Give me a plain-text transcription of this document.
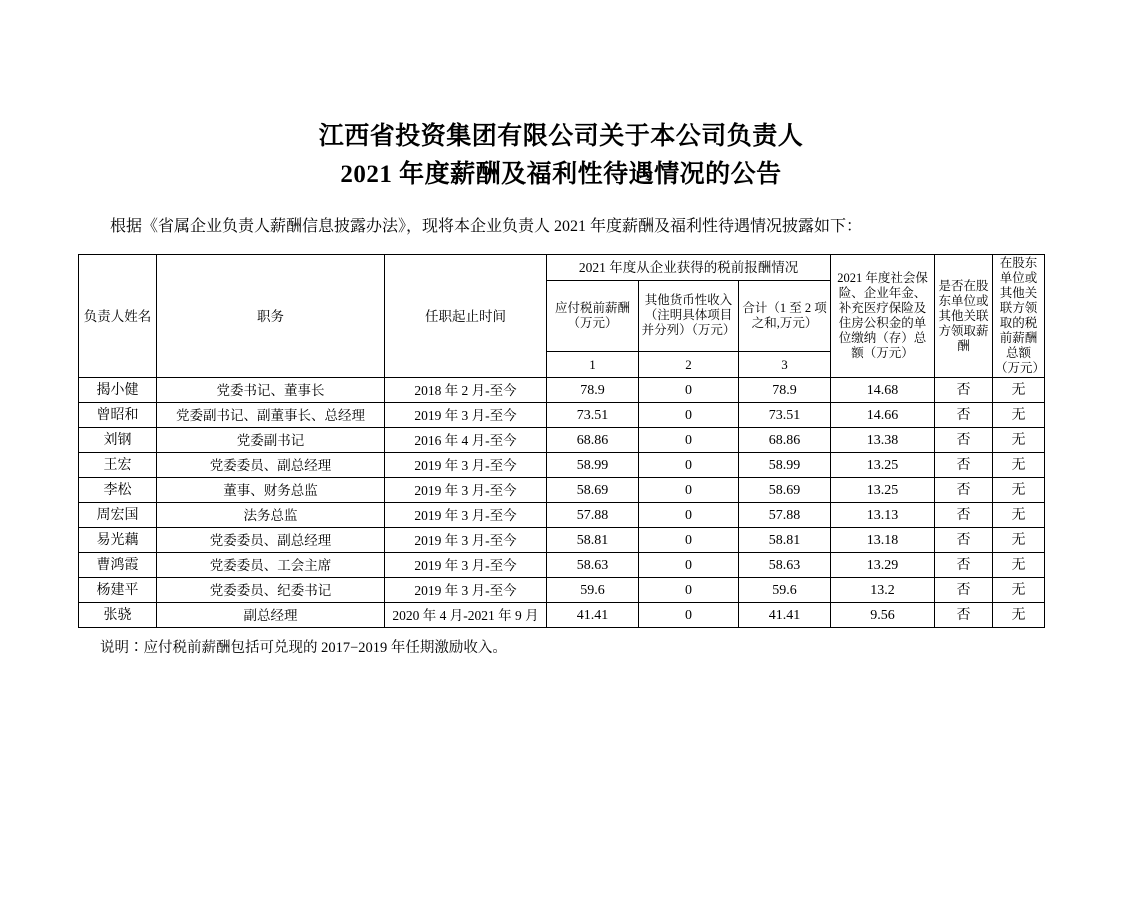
江西省投资集团有限公司关于本公司负责人
2021 年度薪酬及福利性待遇情况的公告
根据《省属企业负责人薪酬信息披露办法》，现将本企业负责人 2021 年度薪酬及福利性待遇情况披露如下：
负责人姓名	职务	任职起止时间	2021 年度从企业获得的税前报酬情况			2021 年度社会保险、企业年金、补充医疗保险及住房公积金的单位缴纳（存）总额（万元）	是否在股东单位或其他关联方领取薪酬	在股东单位或其他关联方领取的税前薪酬总额（万元）
			应付税前薪酬（万元）	其他货币性收入（注明具体项目并分列）（万元）	合计（1 至 2 项之和,万元）			
			1	2	3			
揭小健	党委书记、董事长	2018 年 2 月-至今	78.9	0	78.9	14.68	否	无
曾昭和	党委副书记、副董事长、总经理	2019 年 3 月-至今	73.51	0	73.51	14.66	否	无
刘钢	党委副书记	2016 年 4 月-至今	68.86	0	68.86	13.38	否	无
王宏	党委委员、副总经理	2019 年 3 月-至今	58.99	0	58.99	13.25	否	无
李松	董事、财务总监	2019 年 3 月-至今	58.69	0	58.69	13.25	否	无
周宏国	法务总监	2019 年 3 月-至今	57.88	0	57.88	13.13	否	无
易光藕	党委委员、副总经理	2019 年 3 月-至今	58.81	0	58.81	13.18	否	无
曹鸿霞	党委委员、工会主席	2019 年 3 月-至今	58.63	0	58.63	13.29	否	无
杨建平	党委委员、纪委书记	2019 年 3 月-至今	59.6	0	59.6	13.2	否	无
张骁	副总经理	2020 年 4 月-2021 年 9 月	41.41	0	41.41	9.56	否	无
说明∶应付税前薪酬包括可兑现的 2017−2019 年任期激励收入。
